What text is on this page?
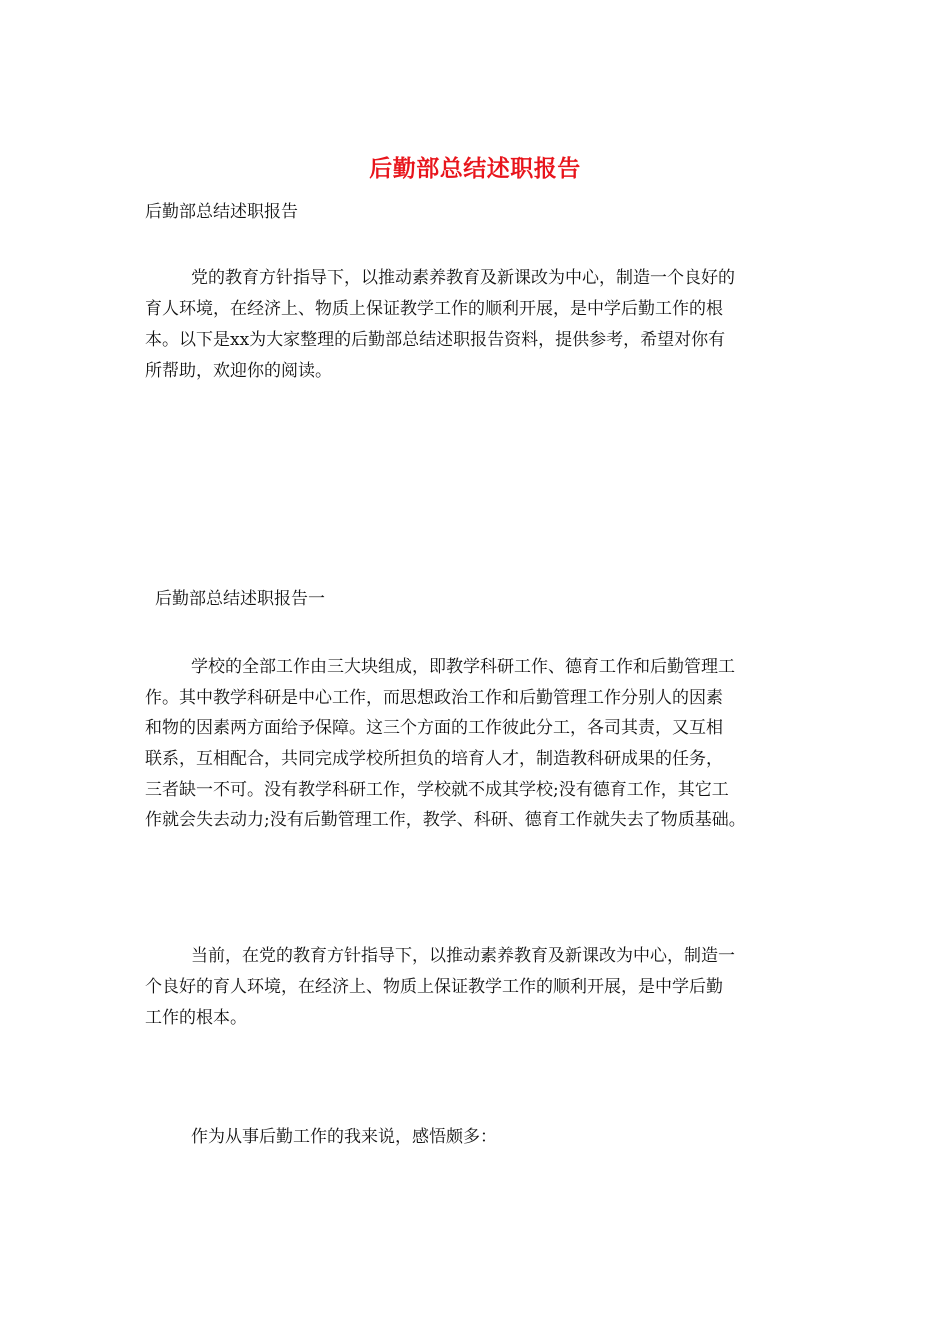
后勤部总结述职报告
后勤部总结述职报告
党的教育方针指导下，以推动素养教育及新课改为中心，制造一个良好的
育人环境，在经济上、物质上保证教学工作的顺利开展，是中学后勤工作的根
本。以下是xx为大家整理的后勤部总结述职报告资料，提供参考，希望对你有
所帮助，欢迎你的阅读。
后勤部总结述职报告一
学校的全部工作由三大块组成，即教学科研工作、德育工作和后勤管理工
作。其中教学科研是中心工作，而思想政治工作和后勤管理工作分别人的因素
和物的因素两方面给予保障。这三个方面的工作彼此分工，各司其责，又互相
联系，互相配合，共同完成学校所担负的培育人才，制造教科研成果的任务，
三者缺一不可。没有教学科研工作，学校就不成其学校;没有德育工作，其它工
作就会失去动力;没有后勤管理工作，教学、科研、德育工作就失去了物质基础。
当前，在党的教育方针指导下，以推动素养教育及新课改为中心，制造一
个良好的育人环境，在经济上、物质上保证教学工作的顺利开展，是中学后勤
工作的根本。
作为从事后勤工作的我来说，感悟颇多：
